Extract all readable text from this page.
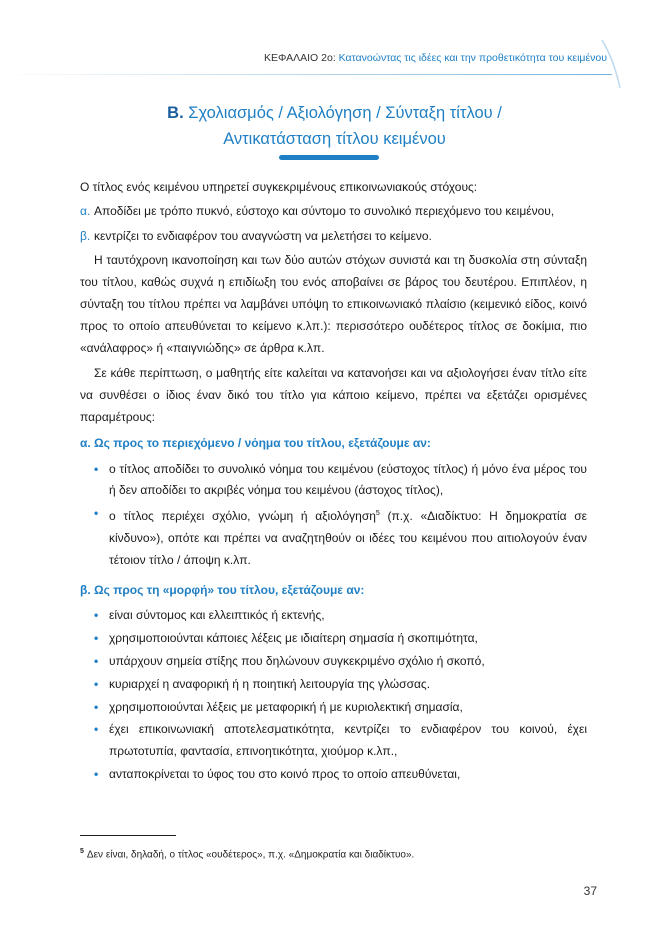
ΚΕΦΑΛΑΙΟ 2ο: Κατανοώντας τις ιδέες και την προθετικότητα του κειμένου
Β. Σχολιασμός / Αξιολόγηση / Σύνταξη τίτλου /
Αντικατάσταση τίτλου κειμένου

Ο τίτλος ενός κειμένου υπηρετεί συγκεκριμένους επικοινωνιακούς στόχους:

α. Αποδίδει με τρόπο πυκνό, εύστοχο και σύντομο το συνολικό περιεχόμενο του κειμένου,

β. κεντρίζει το ενδιαφέρον του αναγνώστη να μελετήσει το κείμενο.

Η ταυτόχρονη ικανοποίηση και των δύο αυτών στόχων συνιστά και τη δυσκολία στη σύνταξη του τίτλου, καθώς συχνά η επιδίωξη του ενός αποβαίνει σε βάρος του δευτέρου. Επιπλέον, η σύνταξη του τίτλου πρέπει να λαμβάνει υπόψη το επικοινωνιακό πλαίσιο (κειμενικό είδος, κοινό προς το οποίο απευθύνεται το κείμενο κ.λπ.): περισσότερο ουδέτερος τίτλος σε δοκίμια, πιο «ανάλαφρος» ή «παιγνιώδης» σε άρθρα κ.λπ.

Σε κάθε περίπτωση, ο μαθητής είτε καλείται να κατανοήσει και να αξιολογήσει έναν τίτλο είτε να συνθέσει ο ίδιος έναν δικό του τίτλο για κάποιο κείμενο, πρέπει να εξετάζει ορισμένες παραμέτρους:

α. Ως προς το περιεχόμενο / νόημα του τίτλου, εξετάζουμε αν:

• ο τίτλος αποδίδει το συνολικό νόημα του κειμένου (εύστοχος τίτλος) ή μόνο ένα μέρος του ή δεν αποδίδει το ακριβές νόημα του κειμένου (άστοχος τίτλος),
• ο τίτλος περιέχει σχόλιο, γνώμη ή αξιολόγηση$^5$ (π.χ. «Διαδίκτυο: Η δημοκρατία σε κίνδυνο»), οπότε και πρέπει να αναζητηθούν οι ιδέες του κειμένου που αιτιολογούν έναν τέτοιον τίτλο / άποψη κ.λπ.

β. Ως προς τη «μορφή» του τίτλου, εξετάζουμε αν:

• είναι σύντομος και ελλειπτικός ή εκτενής,
• χρησιμοποιούνται κάποιες λέξεις με ιδιαίτερη σημασία ή σκοπιμότητα,
• υπάρχουν σημεία στίξης που δηλώνουν συγκεκριμένο σχόλιο ή σκοπό,
• κυριαρχεί η αναφορική ή η ποιητική λειτουργία της γλώσσας.
• χρησιμοποιούνται λέξεις με μεταφορική ή με κυριολεκτική σημασία,
• έχει επικοινωνιακή αποτελεσματικότητα, κεντρίζει το ενδιαφέρον του κοινού, έχει πρωτοτυπία, φαντασία, επινοητικότητα, χιούμορ κ.λπ.,
• ανταποκρίνεται το ύφος του στο κοινό προς το οποίο απευθύνεται,
$^5$ Δεν είναι, δηλαδή, ο τίτλος «ουδέτερος», π.χ. «Δημοκρατία και διαδίκτυο».
37
